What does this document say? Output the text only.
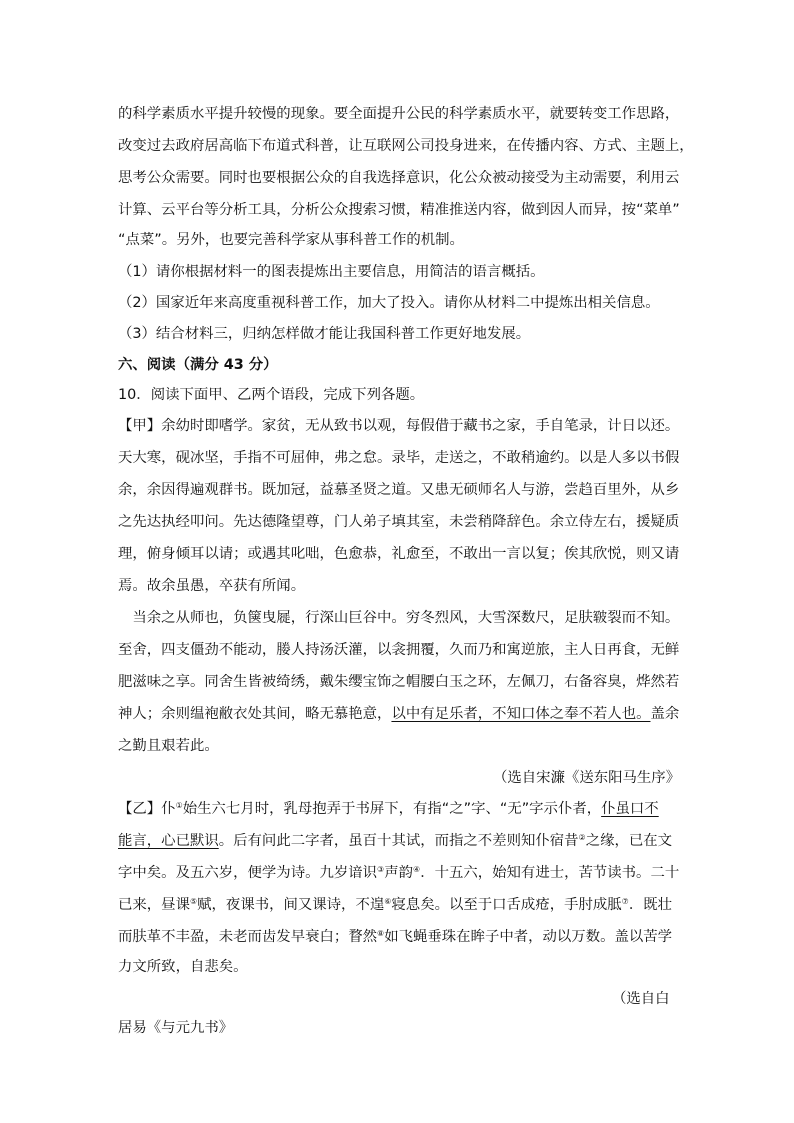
的科学素质水平提升较慢的现象。要全面提升公民的科学素质水平，就要转变工作思路，
改变过去政府居高临下布道式科普，让互联网公司投身进来，在传播内容、方式、主题上，
思考公众需要。同时也要根据公众的自我选择意识，化公众被动接受为主动需要，利用云
计算、云平台等分析工具，分析公众搜索习惯，精准推送内容，做到因人而异，按“菜单”
“点菜”。另外，也要完善科学家从事科普工作的机制。
（1）请你根据材料一的图表提炼出主要信息，用简洁的语言概括。
（2）国家近年来高度重视科普工作，加大了投入。请你从材料二中提炼出相关信息。
（3）结合材料三，归纳怎样做才能让我国科普工作更好地发展。
六、阅读（满分 43 分）
10．阅读下面甲、乙两个语段，完成下列各题。
【甲】余幼时即嗜学。家贫，无从致书以观，每假借于藏书之家，手自笔录，计日以还。
天大寒，砚冰坚，手指不可屈伸，弗之怠。录毕，走送之，不敢稍逾约。以是人多以书假
余，余因得遍观群书。既加冠，益慕圣贤之道。又患无硕师名人与游，尝趋百里外，从乡
之先达执经叩问。先达德隆望尊，门人弟子填其室，未尝稍降辞色。余立侍左右，援疑质
理，俯身倾耳以请；或遇其叱咄，色愈恭，礼愈至，不敢出一言以复；俟其欣悦，则又请
焉。故余虽愚，卒获有所闻。
　当余之从师也，负箧曳屣，行深山巨谷中。穷冬烈风，大雪深数尺，足肤皲裂而不知。
至舍，四支僵劲不能动，媵人持汤沃灌，以衾拥覆，久而乃和寓逆旅，主人日再食，无鲜
肥滋味之享。同舍生皆被绮绣，戴朱缨宝饰之帽腰白玉之环，左佩刀，右备容臭，烨然若
神人；余则缊袍敝衣处其间，略无慕艳意，以中有足乐者，不知口体之奉不若人也。盖余
之勤且艰若此。
（选自宋濂《送东阳马生序》
【乙】仆①始生六七月时，乳母抱弄于书屏下，有指“之”字、“无”字示仆者，仆虽口不
能言，心已默识。后有问此二字者，虽百十其试，而指之不差则知仆宿昔②之缘，已在文
字中矣。及五六岁，便学为诗。九岁谙识③声韵④．十五六，始知有进士，苦节读书。二十
已来，昼课⑤赋，夜课书，间又课诗，不遑⑥寝息矣。以至于口舌成疮，手肘成胝⑦．既壮
而肤革不丰盈，未老而齿发早衰白；瞀然⑧如飞蝇垂珠在眸子中者，动以万数。盖以苦学
力文所致，自悲矣。
（选自白
居易《与元九书》
